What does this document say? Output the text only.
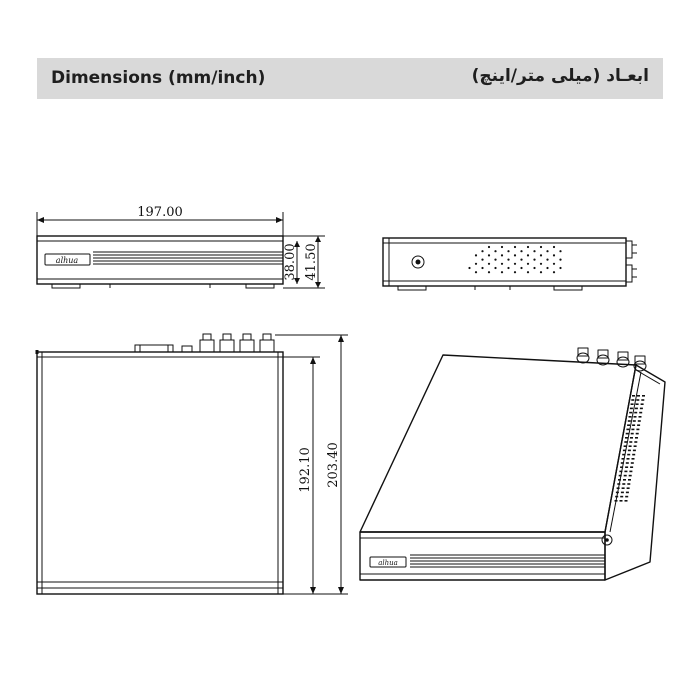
Dimensions (mm/inch)	ابعـاد (میلی متر/اینچ)
197.00
alhua	38.00 41.50
192.10 203.40
alhua
